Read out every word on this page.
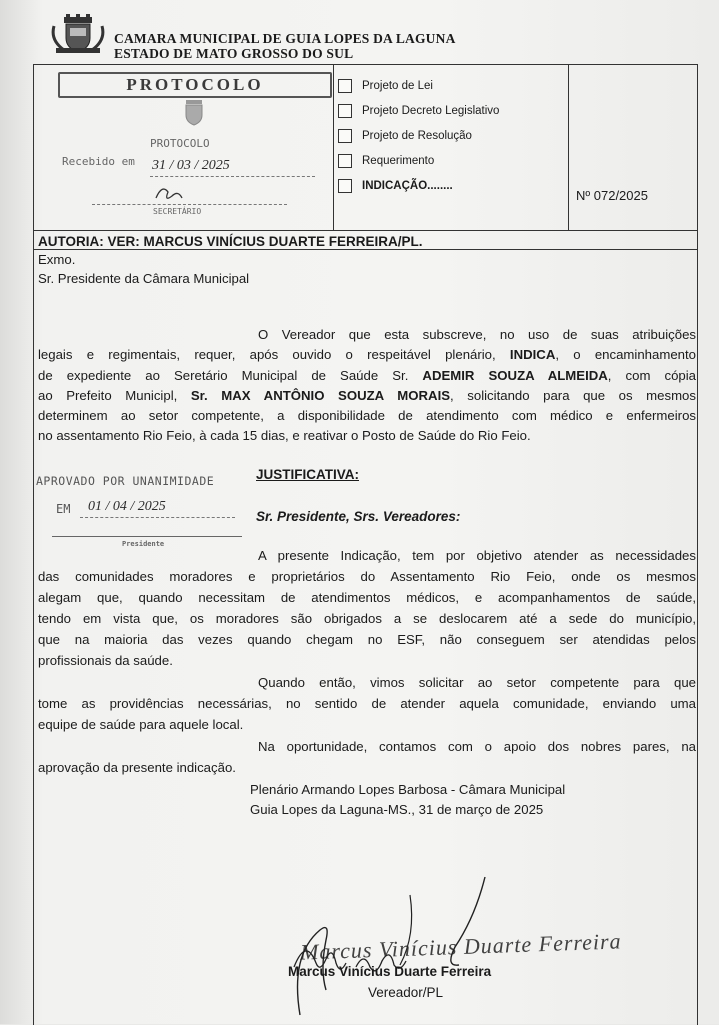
CAMARA MUNICIPAL DE GUIA LOPES DA LAGUNA
ESTADO DE MATO GROSSO DO SUL
PROTOCOLO
PROTOCOLO
Recebido em 31 / 03 / 2025
SECRETÁRIO
Projeto de Lei
Projeto Decreto Legislativo
Projeto de Resolução
Requerimento
INDICAÇÃO........
Nº 072/2025
AUTORIA: VER: MARCUS VINÍCIUS DUARTE FERREIRA/PL.
Exmo.
Sr. Presidente da Câmara Municipal
O Vereador que esta subscreve, no uso de suas atribuições
legais e regimentais, requer, após ouvido o respeitável plenário, INDICA, o encaminhamento
de expediente ao Seretário Municipal de Saúde Sr. ADEMIR SOUZA ALMEIDA, com cópia
ao Prefeito Municipl, Sr. MAX ANTÔNIO SOUZA MORAIS, solicitando para que os mesmos
determinem ao setor competente, a disponibilidade de atendimento com médico e enfermeiros
no assentamento Rio Feio, à cada 15 dias, e reativar o Posto de Saúde do Rio Feio.
APROVADO POR UNANIMIDADE
EM 01 / 04 / 2025
Presidente
JUSTIFICATIVA:
Sr. Presidente, Srs. Vereadores:
A presente Indicação, tem por objetivo atender as necessidades
das comunidades moradores e proprietários do Assentamento Rio Feio, onde os mesmos
alegam que, quando necessitam de atendimentos médicos, e acompanhamentos de saúde,
tendo em vista que, os moradores são obrigados a se deslocarem até a sede do município,
que na maioria das vezes quando chegam no ESF, não conseguem ser atendidas pelos
profissionais da saúde.
Quando então, vimos solicitar ao setor competente para que
tome as providências necessárias, no sentido de atender aquela comunidade, enviando uma
equipe de saúde para aquele local.
Na oportunidade, contamos com o apoio dos nobres pares, na
aprovação da presente indicação.
Plenário Armando Lopes Barbosa - Câmara Municipal
Guia Lopes da Laguna-MS., 31 de março de 2025
Marcus Vinícius Duarte Ferreira
Marcus Vinícius Duarte Ferreira
Vereador/PL
